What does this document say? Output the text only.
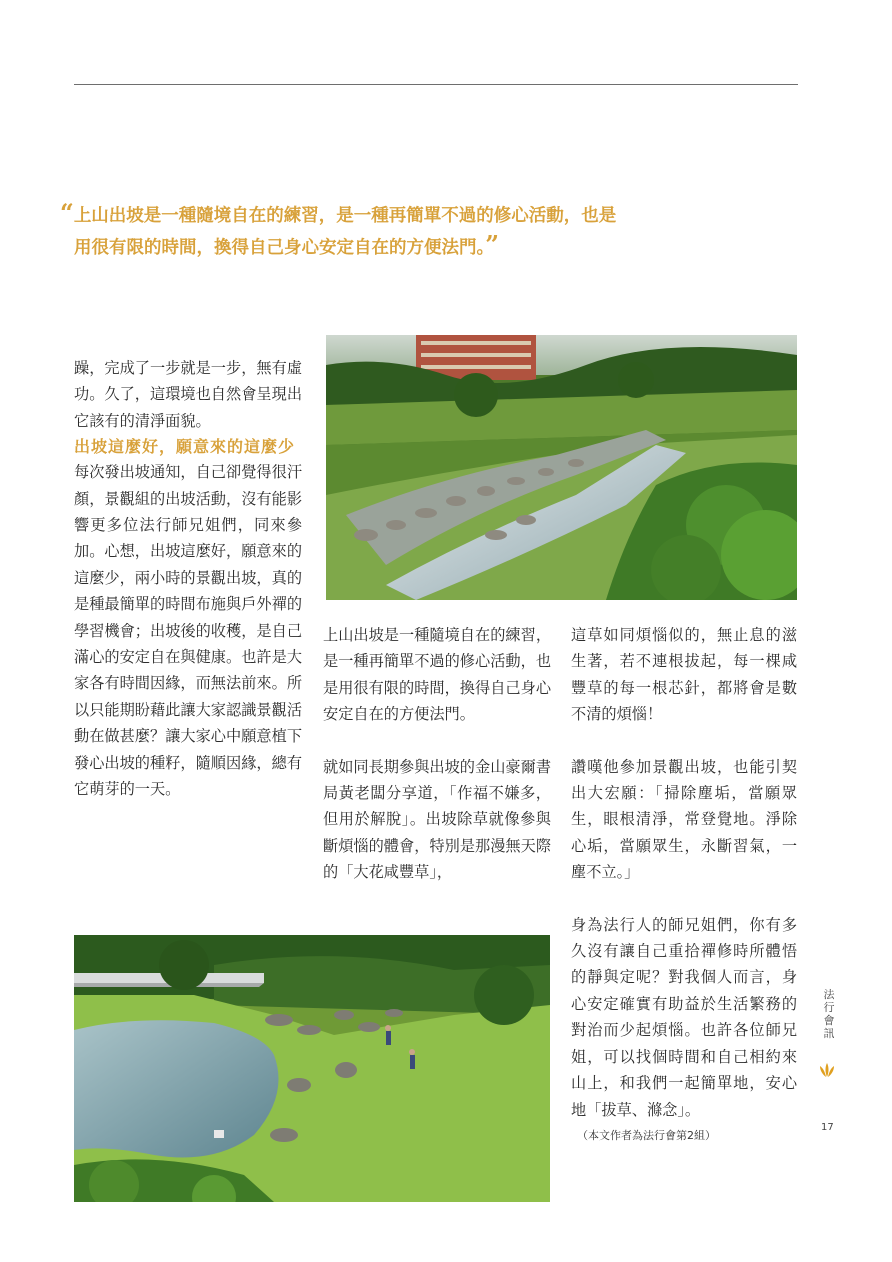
“上山出坡是一種隨境自在的練習，是一種再簡單不過的修心活動，也是
用很有限的時間，換得自己身心安定自在的方便法門。”

躁，完成了一步就是一步，無有虛功。久了，這環境也自然會呈現出它該有的清淨面貌。

出坡這麼好，願意來的這麼少

每次發出坡通知，自己卻覺得很汗顏，景觀組的出坡活動，沒有能影響更多位法行師兄姐們，同來參加。心想，出坡這麼好，願意來的這麼少，兩小時的景觀出坡，真的是種最簡單的時間布施與戶外禪的學習機會；出坡後的收穫，是自己滿心的安定自在與健康。也許是大家各有時間因緣，而無法前來。所以只能期盼藉此讓大家認識景觀活動在做甚麼？讓大家心中願意植下發心出坡的種籽，隨順因緣，總有它萌芽的一天。

上山出坡是一種隨境自在的練習，是一種再簡單不過的修心活動，也是用很有限的時間，換得自己身心安定自在的方便法門。

就如同長期參與出坡的金山豪爾書局黃老闆分享道，「作福不嫌多，但用於解脫」。出坡除草就像參與斷煩惱的體會，特別是那漫無天際的「大花咸豐草」，

這草如同煩惱似的，無止息的滋生著，若不連根拔起，每一棵咸豐草的每一根芯針，都將會是數不清的煩惱！

讚嘆他參加景觀出坡，也能引契出大宏願：「掃除塵垢，當願眾生，眼根清淨，常登覺地。淨除心垢，當願眾生，永斷習氣，一塵不立。」

身為法行人的師兄姐們，你有多久沒有讓自己重拾禪修時所體悟的靜與定呢？對我個人而言，身心安定確實有助益於生活繁務的對治而少起煩惱。也許各位師兄姐，可以找個時間和自己相約來山上，和我們一起簡單地，安心地「拔草、滌念」。

（本文作者為法行會第2組）

法
行
會
訊
17
